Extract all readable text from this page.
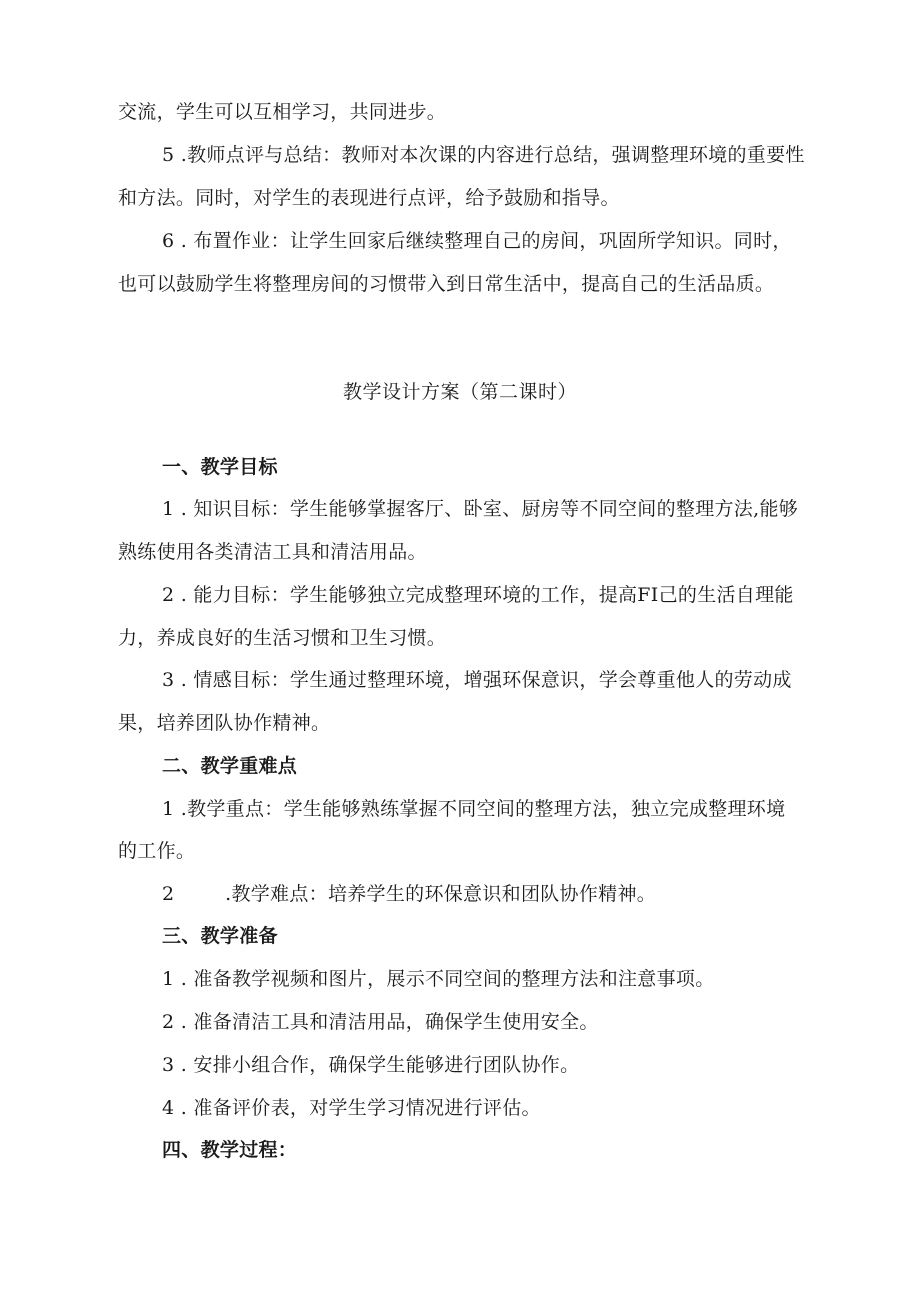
交流，学生可以互相学习，共同进步。
5 .教师点评与总结：教师对本次课的内容进行总结，强调整理环境的重要性
和方法。同时，对学生的表现进行点评，给予鼓励和指导。
6 . 布置作业：让学生回家后继续整理自己的房间，巩固所学知识。同时，
也可以鼓励学生将整理房间的习惯带入到日常生活中，提高自己的生活品质。
教学设计方案（第二课时）
一、教学目标
1 . 知识目标：学生能够掌握客厅、卧室、厨房等不同空间的整理方法,能够
熟练使用各类清洁工具和清洁用品。
2 . 能力目标：学生能够独立完成整理环境的工作，提高FI己的生活自理能
力，养成良好的生活习惯和卫生习惯。
3 . 情感目标：学生通过整理环境，增强环保意识，学会尊重他人的劳动成
果，培养团队协作精神。
二、教学重难点
1 .教学重点：学生能够熟练掌握不同空间的整理方法，独立完成整理环境
的工作。
2        .教学难点：培养学生的环保意识和团队协作精神。
三、教学准备
1 . 准备教学视频和图片，展示不同空间的整理方法和注意事项。
2 . 准备清洁工具和清洁用品，确保学生使用安全。
3 . 安排小组合作，确保学生能够进行团队协作。
4 . 准备评价表，对学生学习情况进行评估。
四、教学过程：
